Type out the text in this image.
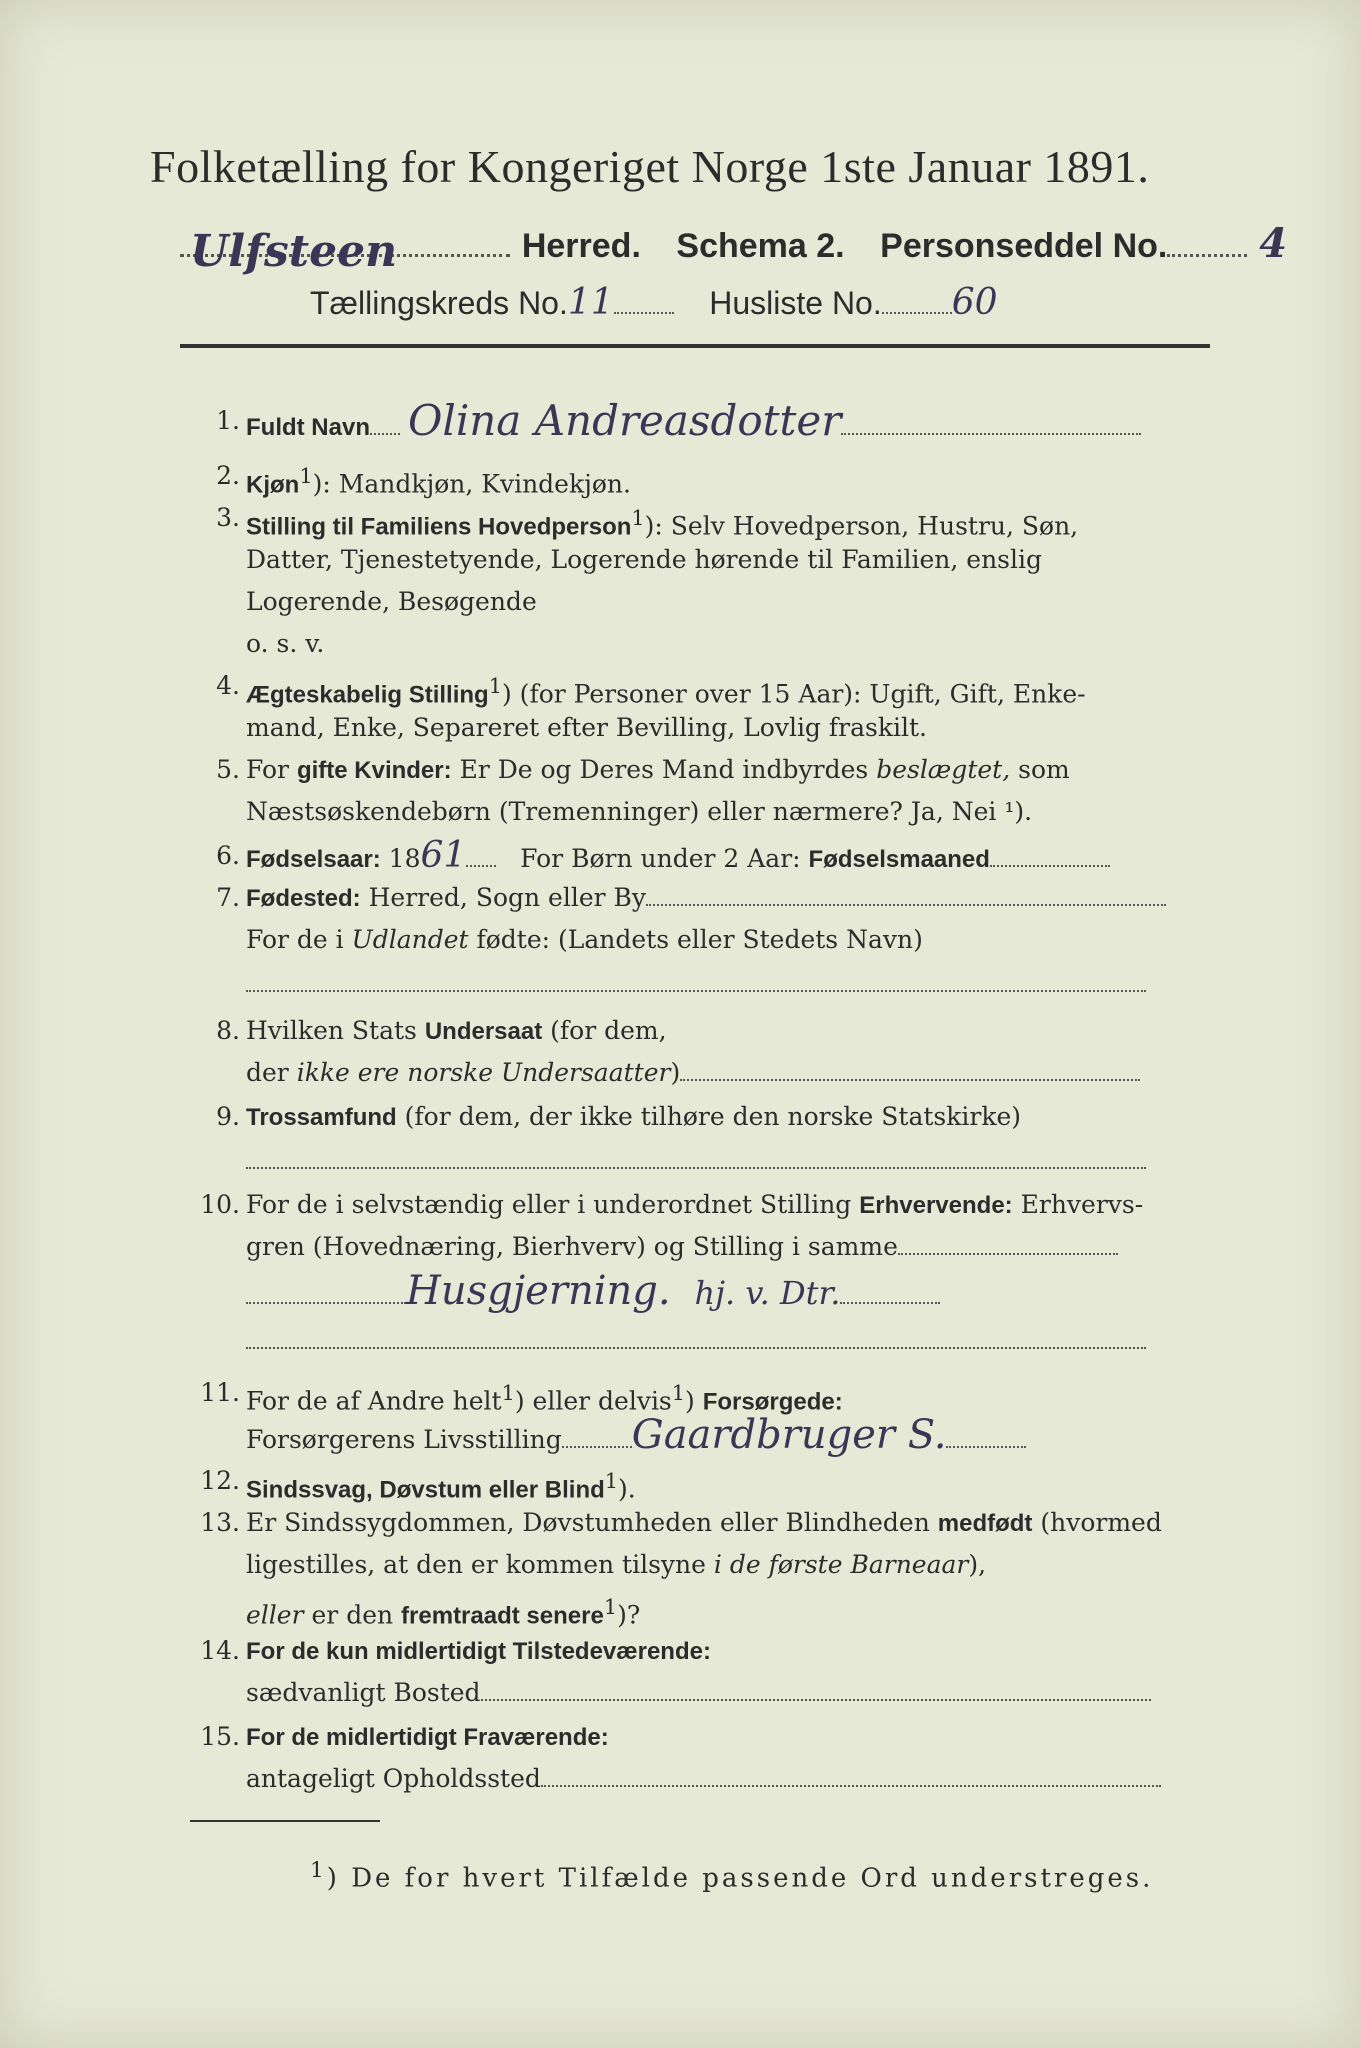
Folketælling for Kongeriget Norge 1ste Januar 1891.
Ulfsteen	Herred. Schema 2. Personseddel No. 4
Tællingskreds No.11	Husliste No. 60
1. Fuldt Navn Olina Andreasdotter
2. Kjøn$^1$): Mandkjøn, Kvindekjøn.
3. Stilling til Familiens Hovedperson$^1$): Selv Hovedperson, Hustru, Søn,
Datter, Tjenestetyende, Logerende hørende til Familien, enslig
Logerende, Besøgende
o. s. v.
4. Ægteskabelig Stilling$^1$) (for Personer over 15 Aar): Ugift, Gift, Enke-
mand, Enke, Separeret efter Bevilling, Lovlig fraskilt.
5. For gifte Kvinder: Er De og Deres Mand indbyrdes beslægtet, som
Næstsøskendebørn (Tremenninger) eller nærmere? Ja, Nei ¹).
6. Fødselsaar: 1861 For Børn under 2 Aar: Fødselsmaaned
7. Fødested: Herred, Sogn eller By
For de i Udlandet fødte: (Landets eller Stedets Navn)
8. Hvilken Stats Undersaat (for dem,
der ikke ere norske Undersaatter)
9. Trossamfund (for dem, der ikke tilhøre den norske Statskirke)
10. For de i selvstændig eller i underordnet Stilling Erhvervende: Erhvervs-
gren (Hovednæring, Bierhverv) og Stilling i samme
Husgjerning. hj. v. Dtr.
11. For de af Andre helt$^1$) eller delvis$^1$) Forsørgede:
Forsørgerens Livsstilling Gaardbruger S.
12. Sindssvag, Døvstum eller Blind$^1$).
13. Er Sindssygdommen, Døvstumheden eller Blindheden medfødt (hvormed
ligestilles, at den er kommen tilsyne i de første Barneaar),
eller er den fremtraadt senere$^1$)?
14. For de kun midlertidigt Tilstedeværende:
sædvanligt Bosted
15. For de midlertidigt Fraværende:
antageligt Opholdssted
$^1$) De for hvert Tilfælde passende Ord understreges.
